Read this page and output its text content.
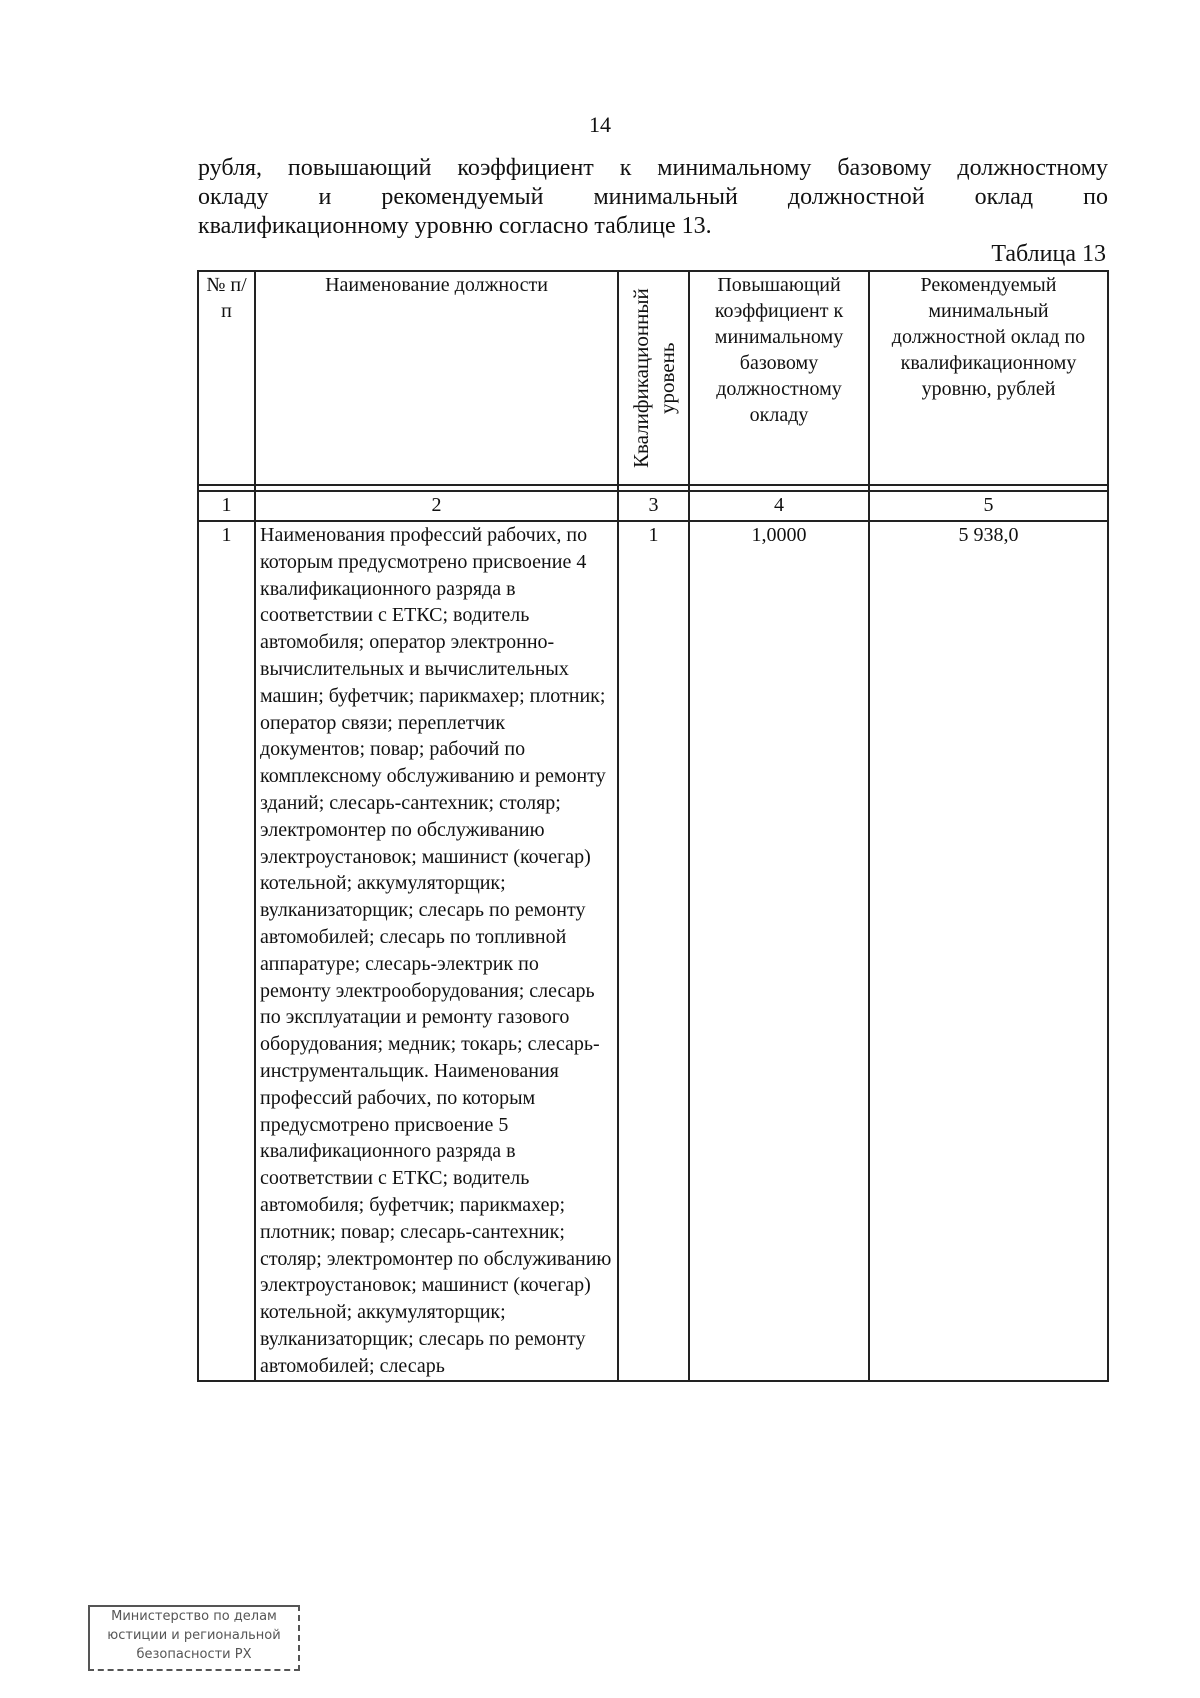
14
рубля, повышающий коэффициент к минимальному базовому должностному
окладу и рекомендуемый минимальный должностной оклад по
квалификационному уровню согласно таблице 13.
Таблица 13
№ п/п	Наименование должности	Квалификационный уровень	Повышающий коэффициент к минимальному базовому должностному окладу	Рекомендуемый минимальный должностной оклад по квалификационному уровню, рублей

1	2	3	4	5
1	Наименования профессий рабочих, по которым предусмотрено присвоение 4 квалификационного разряда в соответствии с ЕТКС; водитель автомобиля; оператор электронно-вычислительных и вычислительных машин; буфетчик; парикмахер; плотник; оператор связи; переплетчик документов; повар; рабочий по комплексному обслуживанию и ремонту зданий; слесарь-сантехник; столяр; электромонтер по обслуживанию электроустановок; машинист (кочегар) котельной; аккумуляторщик; вулканизаторщик; слесарь по ремонту автомобилей; слесарь по топливной аппаратуре; слесарь-электрик по ремонту электрооборудования; слесарь по эксплуатации и ремонту газового оборудования; медник; токарь; слесарь-инструментальщик. Наименования профессий рабочих, по которым предусмотрено присвоение 5 квалификационного разряда в соответствии с ЕТКС; водитель автомобиля; буфетчик; парикмахер; плотник; повар; слесарь-сантехник; столяр; электромонтер по обслуживанию электроустановок; машинист (кочегар) котельной; аккумуляторщик; вулканизаторщик; слесарь по ремонту автомобилей; слесарь	1	1,0000	5 938,0
Министерство по делам
юстиции и региональной
безопасности РХ
